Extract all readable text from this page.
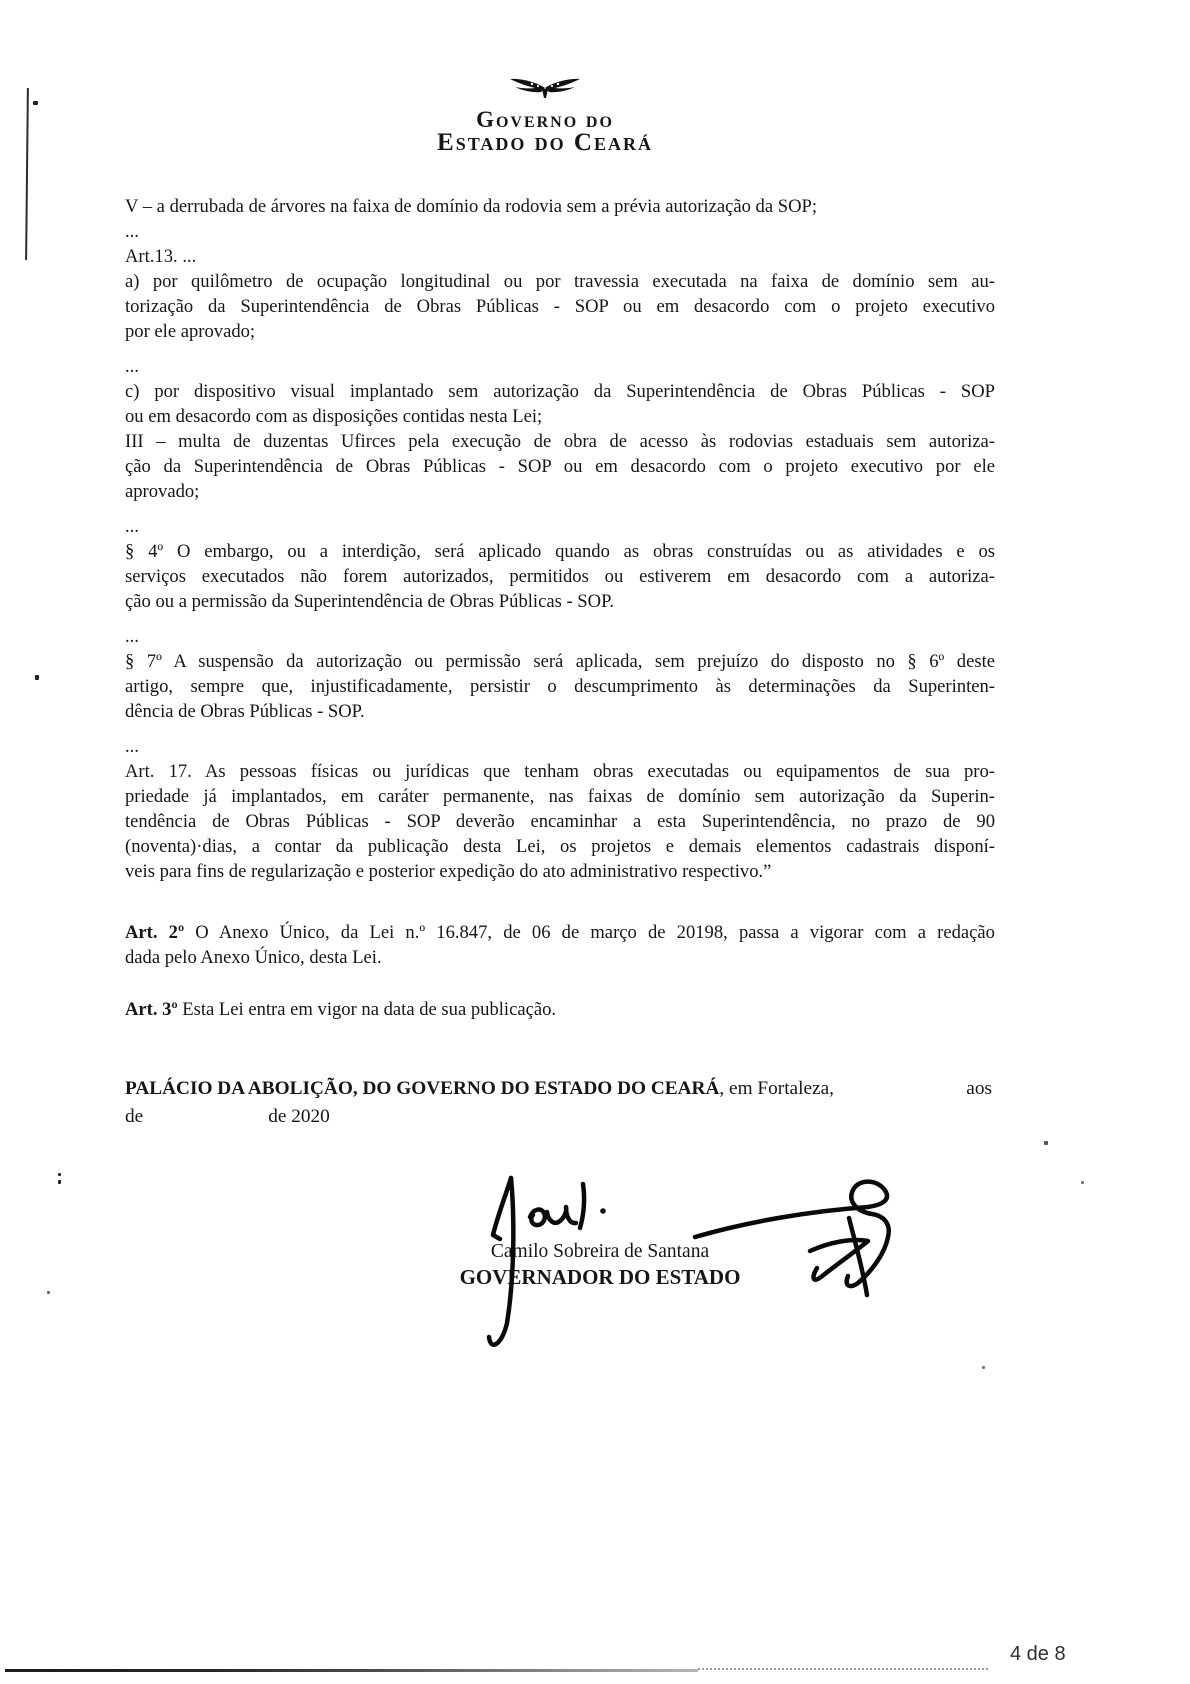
Governo do
Estado do Ceará
V – a derrubada de árvores na faixa de domínio da rodovia sem a prévia autorização da SOP;
...
Art.13. ...
a) por quilômetro de ocupação longitudinal ou por travessia executada na faixa de domínio sem au-
torização da Superintendência de Obras Públicas - SOP ou em desacordo com o projeto executivo
por ele aprovado;
...
c) por dispositivo visual implantado sem autorização da Superintendência de Obras Públicas - SOP
ou em desacordo com as disposições contidas nesta Lei;
III – multa de duzentas Ufirces pela execução de obra de acesso às rodovias estaduais sem autoriza-
ção da Superintendência de Obras Públicas - SOP ou em desacordo com o projeto executivo por ele
aprovado;
...
§ 4º O embargo, ou a interdição, será aplicado quando as obras construídas ou as atividades e os
serviços executados não forem autorizados, permitidos ou estiverem em desacordo com a autoriza-
ção ou a permissão da Superintendência de Obras Públicas - SOP.
...
§ 7º A suspensão da autorização ou permissão será aplicada, sem prejuízo do disposto no § 6º deste
artigo, sempre que, injustificadamente, persistir o descumprimento às determinações da Superinten-
dência de Obras Públicas - SOP.
...
Art. 17. As pessoas físicas ou jurídicas que tenham obras executadas ou equipamentos de sua pro-
priedade já implantados, em caráter permanente, nas faixas de domínio sem autorização da Superin-
tendência de Obras Públicas - SOP deverão encaminhar a esta Superintendência, no prazo de 90
(noventa)·dias, a contar da publicação desta Lei, os projetos e demais elementos cadastrais disponí-
veis para fins de regularização e posterior expedição do ato administrativo respectivo.”
Art. 2º O Anexo Único, da Lei n.º 16.847, de 06 de março de 20198, passa a vigorar com a redação
dada pelo Anexo Único, desta Lei.
Art. 3º Esta Lei entra em vigor na data de sua publicação.
PALÁCIO DA ABOLIÇÃO, DO GOVERNO DO ESTADO DO CEARÁ, em Fortaleza,	aos
de	de 2020
Camilo Sobreira de Santana
GOVERNADOR DO ESTADO
4 de 8
